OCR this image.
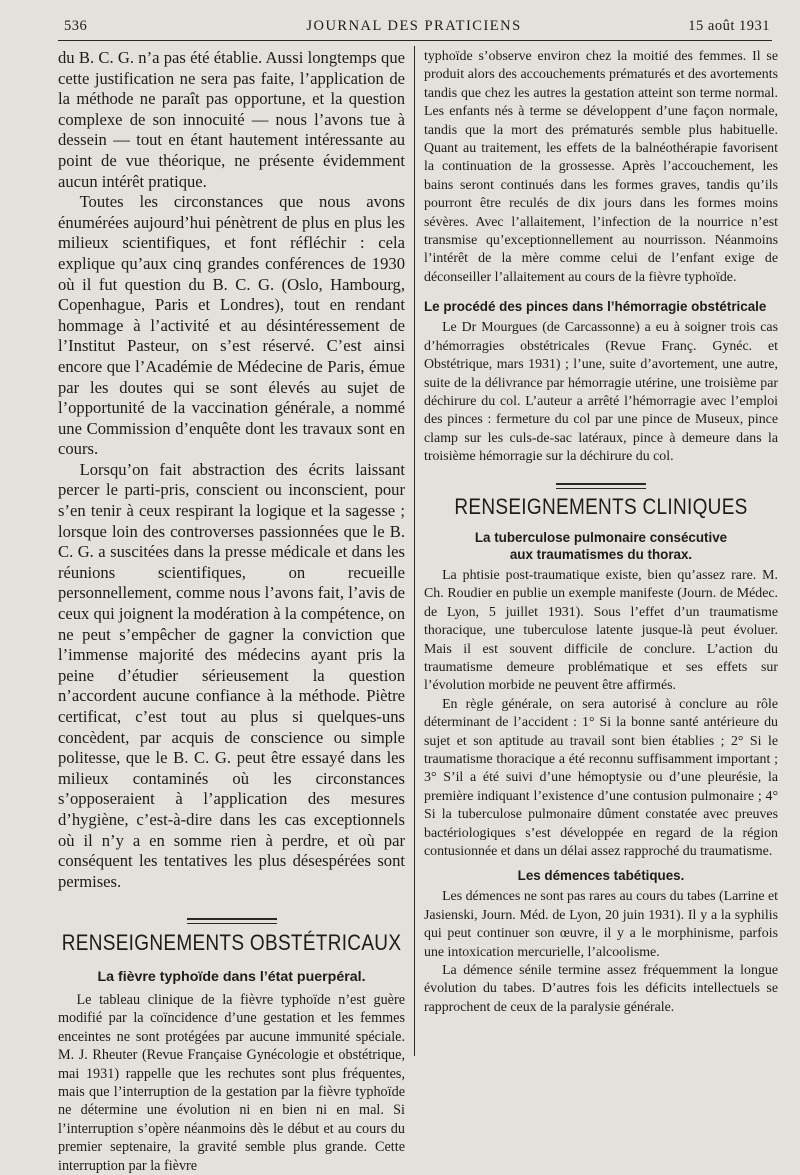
536	JOURNAL DES PRATICIENS	15 août 1931

du B. C. G. n’a pas été établie. Aussi longtemps que cette justification ne sera pas faite, l’application de la méthode ne paraît pas opportune, et la question complexe de son innocuité — nous l’avons tue à dessein — tout en étant hautement intéressante au point de vue théorique, ne présente évidemment aucun intérêt pratique.

Toutes les circonstances que nous avons énumérées aujourd’hui pénètrent de plus en plus les milieux scientifiques, et font réfléchir : cela explique qu’aux cinq grandes conférences de 1930 où il fut question du B. C. G. (Oslo, Hambourg, Copenhague, Paris et Londres), tout en rendant hommage à l’activité et au désintéressement de l’Institut Pasteur, on s’est réservé. C’est ainsi encore que l’Académie de Médecine de Paris, émue par les doutes qui se sont élevés au sujet de l’opportunité de la vaccination générale, a nommé une Commission d’enquête dont les travaux sont en cours.

Lorsqu’on fait abstraction des écrits laissant percer le parti-pris, conscient ou inconscient, pour s’en tenir à ceux respirant la logique et la sagesse ; lorsque loin des controverses passionnées que le B. C. G. a suscitées dans la presse médicale et dans les réunions scientifiques, on recueille personnellement, comme nous l’avons fait, l’avis de ceux qui joignent la modération à la compétence, on ne peut s’empêcher de gagner la conviction que l’immense majorité des médecins ayant pris la peine d’étudier sérieusement la question n’accordent aucune confiance à la méthode. Piètre certificat, c’est tout au plus si quelques-uns concèdent, par acquis de conscience ou simple politesse, que le B. C. G. peut être essayé dans les milieux contaminés où les circonstances s’opposeraient à l’application des mesures d’hygiène, c’est-à-dire dans les cas exceptionnels où il n’y a en somme rien à perdre, et où par conséquent les tentatives les plus désespérées sont permises.

RENSEIGNEMENTS OBSTÉTRICAUX
La fièvre typhoïde dans l’état puerpéral.

Le tableau clinique de la fièvre typhoïde n’est guère modifié par la coïncidence d’une gestation et les femmes enceintes ne sont protégées par aucune immunité spéciale. M. J. Rheuter (Revue Française Gynécologie et obstétrique, mai 1931) rappelle que les rechutes sont plus fréquentes, mais que l’interruption de la gestation par la fièvre typhoïde ne détermine une évolution ni en bien ni en mal. Si l’interruption s’opère néanmoins dès le début et au cours du premier septenaire, la gravité semble plus grande. Cette interruption par la fièvre

typhoïde s’observe environ chez la moitié des femmes. Il se produit alors des accouchements prématurés et des avortements tandis que chez les autres la gestation atteint son terme normal. Les enfants nés à terme se développent d’une façon normale, tandis que la mort des prématurés semble plus habituelle. Quant au traitement, les effets de la balnéothérapie favorisent la continuation de la grossesse. Après l’accouchement, les bains seront continués dans les formes graves, tandis qu’ils pourront être reculés de dix jours dans les formes moins sévères. Avec l’allaitement, l’infection de la nourrice n’est transmise qu’exceptionnellement au nourrisson. Néanmoins l’intérêt de la mère comme celui de l’enfant exige de déconseiller l’allaitement au cours de la fièvre typhoïde.

Le procédé des pinces dans l’hémorragie obstétricale

Le Dr Mourgues (de Carcassonne) a eu à soigner trois cas d’hémorragies obstétricales (Revue Franç. Gynéc. et Obstétrique, mars 1931) ; l’une, suite d’avortement, une autre, suite de la délivrance par hémorragie utérine, une troisième par déchirure du col. L’auteur a arrêté l’hémorragie avec l’emploi des pinces : fermeture du col par une pince de Museux, pince clamp sur les culs-de-sac latéraux, pince à demeure dans la troisième hémorragie sur la déchirure du col.

RENSEIGNEMENTS CLINIQUES
La tuberculose pulmonaire consécutive aux traumatismes du thorax.

La phtisie post-traumatique existe, bien qu’assez rare. M. Ch. Roudier en publie un exemple manifeste (Journ. de Médec. de Lyon, 5 juillet 1931). Sous l’effet d’un traumatisme thoracique, une tuberculose latente jusque-là peut évoluer. Mais il est souvent difficile de conclure. L’action du traumatisme demeure problématique et ses effets sur l’évolution morbide ne peuvent être affirmés.

En règle générale, on sera autorisé à conclure au rôle déterminant de l’accident : 1° Si la bonne santé antérieure du sujet et son aptitude au travail sont bien établies ; 2° Si le traumatisme thoracique a été reconnu suffisamment important ; 3° S’il a été suivi d’une hémoptysie ou d’une pleurésie, la première indiquant l’existence d’une contusion pulmonaire ; 4° Si la tuberculose pulmonaire dûment constatée avec preuves bactériologiques s’est développée en regard de la région contusionnée et dans un délai assez rapproché du traumatisme.

Les démences tabétiques.

Les démences ne sont pas rares au cours du tabes (Larrine et Jasienski, Journ. Méd. de Lyon, 20 juin 1931). Il y a la syphilis qui peut continuer son œuvre, il y a le morphinisme, parfois une intoxication mercurielle, l’alcoolisme.

La démence sénile termine assez fréquemment la longue évolution du tabes. D’autres fois les déficits intellectuels se rapprochent de ceux de la paralysie générale.
